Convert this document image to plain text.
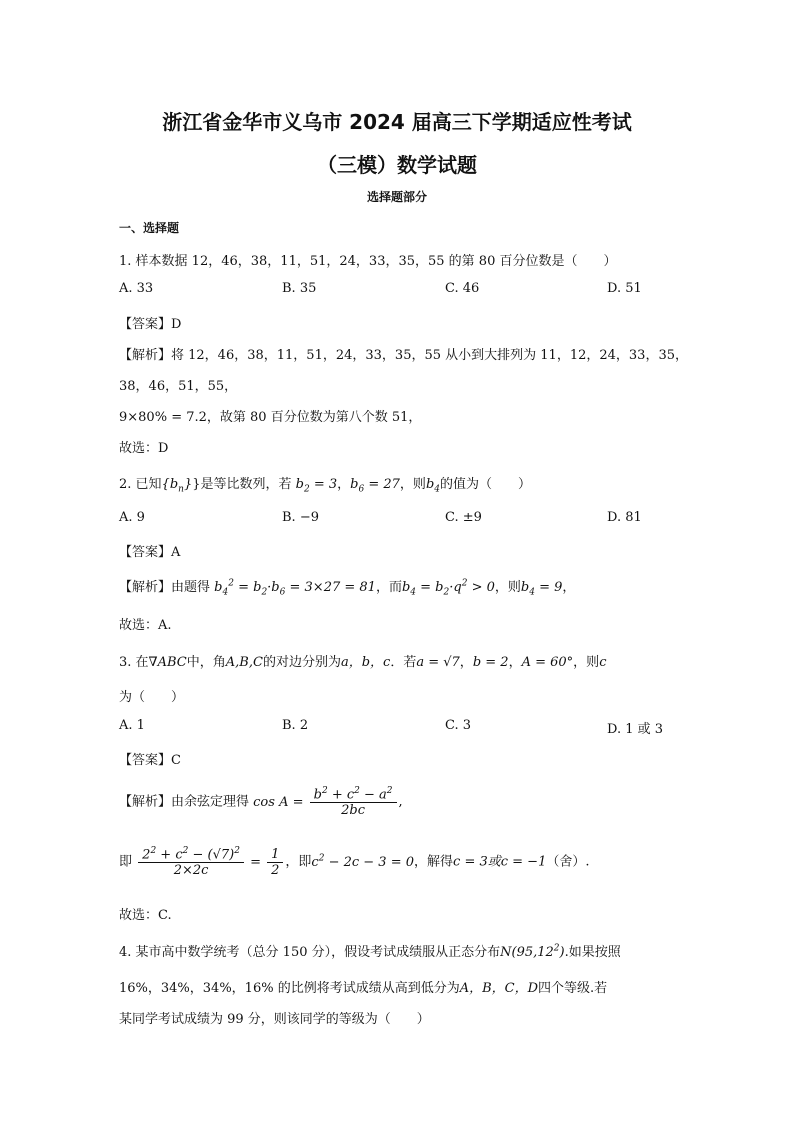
浙江省金华市义乌市 2024 届高三下学期适应性考试
（三模）数学试题
选择题部分
一、选择题
1. 样本数据 12，46，38，11，51，24，33，35，55 的第 80 百分位数是（　　）
A. 33	B. 35	C. 46	D. 51
【答案】D
【解析】将 12，46，38，11，51，24，33，35，55 从小到大排列为 11，12，24，33，35，
38，46，51，55，
9×80% = 7.2，故第 80 百分位数为第八个数 51，
故选：D
2. 已知$\{b_n\}$}是等比数列，若 $b_2 = 3$，$b_6 = 27$，则$b_4$的值为（　　）
A. 9	B. −9	C. ±9	D. 81
【答案】A
【解析】由题得 $b_4^2 = b_2\cdot b_6 = 3\times 27 = 81$，而$b_4 = b_2\cdot q^2 > 0$，则$b_4 = 9$，
故选：A.
3. 在∇ABC中，角A,B,C的对边分别为a，b，c．若a = √7，b = 2，A = 60°，则c
为（　　）
A. 1	B. 2	C. 3	D. 1 或 3
【答案】C
【解析】由余弦定理得 $\cos A = \frac{b^2 + c^2 - a^2}{2bc}$ ,
即 $\frac{2^2 + c^2 - (√7)^2}{2\times 2c} = \frac{1}{2}$ ，即$c^2 - 2c - 3 = 0$，解得c = 3或c = −1（舍）.
故选：C.
4. 某市高中数学统考（总分 150 分），假设考试成绩服从正态分布N(95,12$^2$).如果按照
16%，34%，34%，16% 的比例将考试成绩从高到低分为A，B，C，D四个等级.若
某同学考试成绩为 99 分，则该同学的等级为（　　）
